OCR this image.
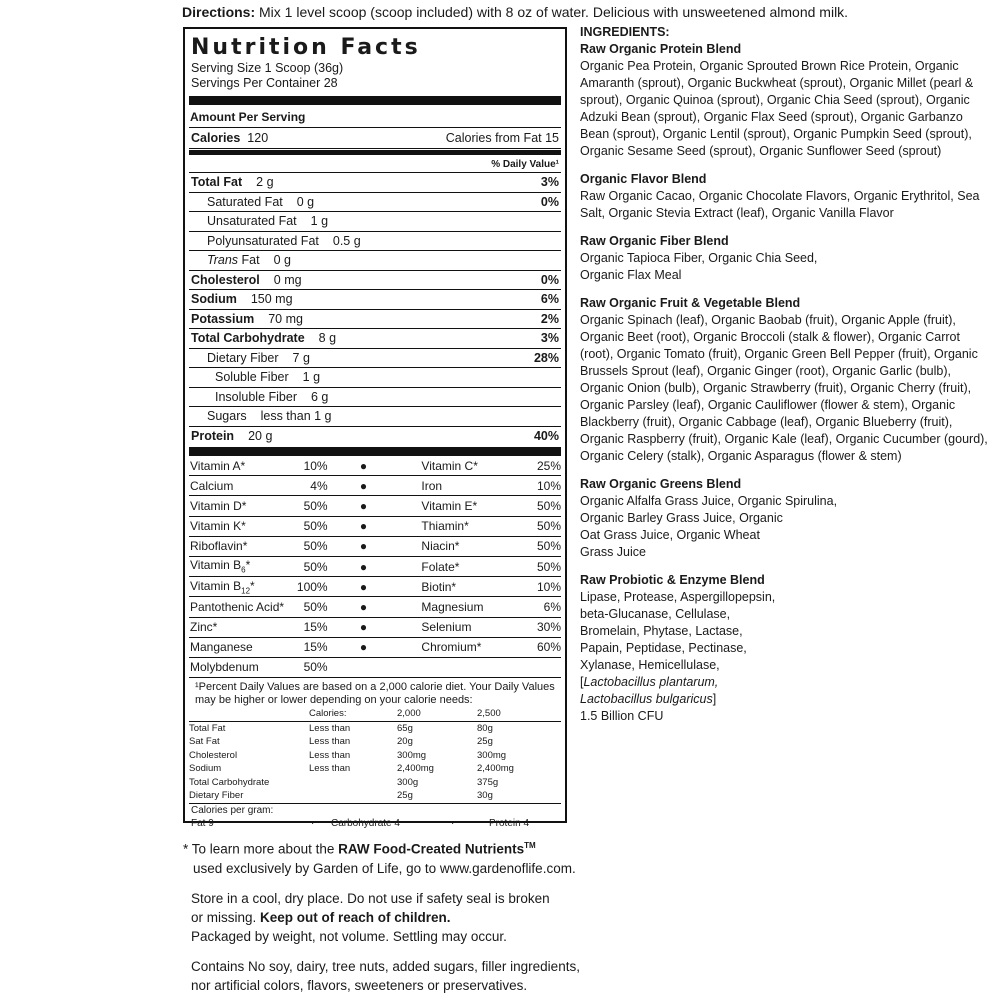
Directions: Mix 1 level scoop (scoop included) with 8 oz of water. Delicious with unsweetened almond milk.
Nutrition Facts
Serving Size 1 Scoop (36g)
Servings Per Container 28
Amount Per Serving
Calories 120	Calories from Fat 15
% Daily Value¹
Total Fat 2 g	3%
Saturated Fat 0 g	0%
Unsaturated Fat 1 g
Polyunsaturated Fat 0.5 g
Trans Fat 0 g
Cholesterol 0 mg	0%
Sodium 150 mg	6%
Potassium 70 mg	2%
Total Carbohydrate 8 g	3%
Dietary Fiber 7 g	28%
Soluble Fiber 1 g
Insoluble Fiber 6 g
Sugars less than 1 g
Protein 20 g	40%
Vitamin A*	10%	●	Vitamin C*	25%
Calcium	4%	●	Iron	10%
Vitamin D*	50%	●	Vitamin E*	50%
Vitamin K*	50%	●	Thiamin*	50%
Riboflavin*	50%	●	Niacin*	50%
Vitamin $B_6*$	50%	●	Folate*	50%
Vitamin $B_{12}*$	100%	●	Biotin*	10%
Pantothenic Acid*	50%	●	Magnesium	6%
Zinc*	15%	●	Selenium	30%
Manganese	15%	●	Chromium*	60%
Molybdenum	50%
¹Percent Daily Values are based on a 2,000 calorie diet. Your Daily Values may be higher or lower depending on your calorie needs:
	Calories:	2,000	2,500
Total Fat	Less than	65g	80g
Sat Fat	Less than	20g	25g
Cholesterol	Less than	300mg	300mg
Sodium	Less than	2,400mg	2,400mg
Total Carbohydrate		300g	375g
Dietary Fiber		25g	30g
Calories per gram:
Fat 9	·	Carbohydrate 4	·	Protein 4
INGREDIENTS:
Raw Organic Protein Blend

Organic Pea Protein, Organic Sprouted Brown Rice Protein, Organic Amaranth (sprout), Organic Buckwheat (sprout), Organic Millet (pearl & sprout), Organic Quinoa (sprout), Organic Chia Seed (sprout), Organic Adzuki Bean (sprout), Organic Flax Seed (sprout), Organic Garbanzo Bean (sprout), Organic Lentil (sprout), Organic Pumpkin Seed (sprout), Organic Sesame Seed (sprout), Organic Sunflower Seed (sprout)

Organic Flavor Blend

Raw Organic Cacao, Organic Chocolate Flavors, Organic Erythritol, Sea Salt, Organic Stevia Extract (leaf), Organic Vanilla Flavor

Raw Organic Fiber Blend

Organic Tapioca Fiber, Organic Chia Seed, Organic Flax Meal

Raw Organic Fruit & Vegetable Blend

Organic Spinach (leaf), Organic Baobab (fruit), Organic Apple (fruit), Organic Beet (root), Organic Broccoli (stalk & flower), Organic Carrot (root), Organic Tomato (fruit), Organic Green Bell Pepper (fruit), Organic Brussels Sprout (leaf), Organic Ginger (root), Organic Garlic (bulb), Organic Onion (bulb), Organic Strawberry (fruit), Organic Cherry (fruit), Organic Parsley (leaf), Organic Cauliflower (flower & stem), Organic Blackberry (fruit), Organic Cabbage (leaf), Organic Blueberry (fruit), Organic Raspberry (fruit), Organic Kale (leaf), Organic Cucumber (gourd), Organic Celery (stalk), Organic Asparagus (flower & stem)

Raw Organic Greens Blend

Organic Alfalfa Grass Juice, Organic Spirulina,

Organic Barley Grass Juice, Organic

Oat Grass Juice, Organic Wheat

Grass Juice

Raw Probiotic & Enzyme Blend

Lipase, Protease, Aspergillopepsin,

beta-Glucanase, Cellulase,

Bromelain, Phytase, Lactase,

Papain, Peptidase, Pectinase,

Xylanase, Hemicellulase,

[Lactobacillus plantarum,

Lactobacillus bulgaricus]

1.5 Billion CFU

* To learn more about the RAW Food-Created Nutrients™
used exclusively by Garden of Life, go to www.gardenoflife.com.

Store in a cool, dry place. Do not use if safety seal is broken
or missing. Keep out of reach of children.
Packaged by weight, not volume. Settling may occur.

Contains No soy, dairy, tree nuts, added sugars, filler ingredients,
nor artificial colors, flavors, sweeteners or preservatives.
